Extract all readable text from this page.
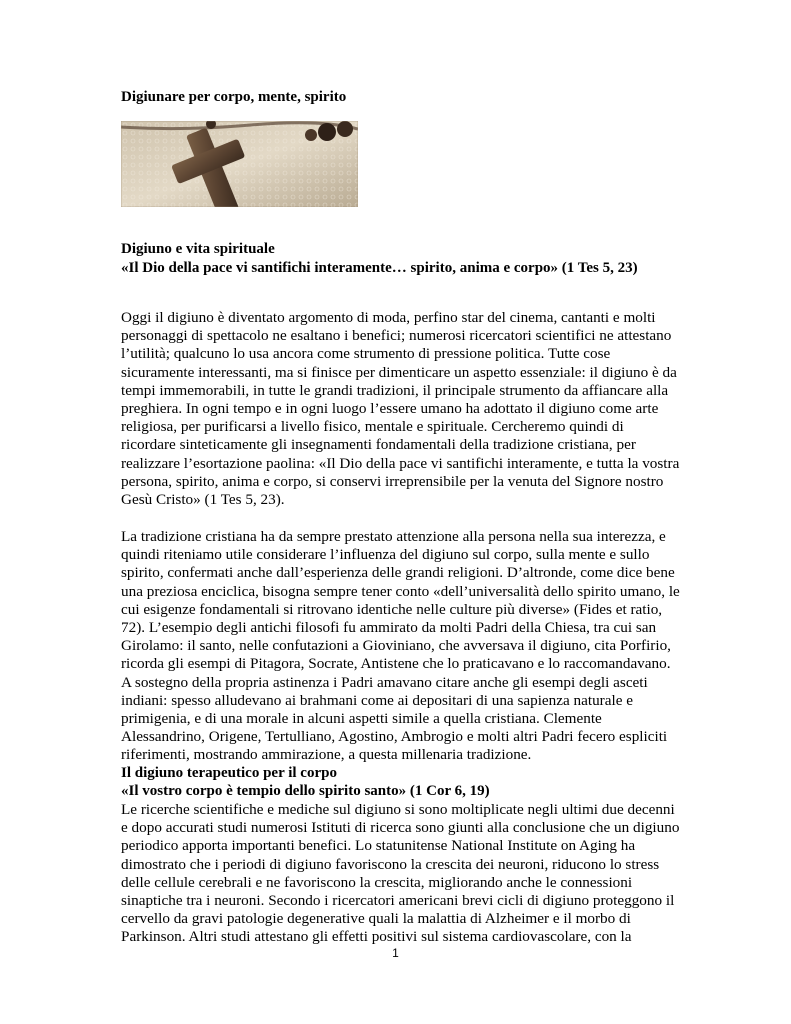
Digiunare per corpo, mente, spirito
Digiuno e vita spirituale
«Il Dio della pace vi santifichi interamente… spirito, anima e corpo» (1 Tes 5, 23)
Oggi il digiuno è diventato argomento di moda, perfino star del cinema, cantanti e molti personaggi di spettacolo ne esaltano i benefici; numerosi ricercatori scientifici ne attestano l’utilità; qualcuno lo usa ancora come strumento di pressione politica. Tutte cose sicuramente interessanti, ma si finisce per dimenticare un aspetto essenziale: il digiuno è da tempi immemorabili, in tutte le grandi tradizioni, il principale strumento da affiancare alla preghiera. In ogni tempo e in ogni luogo l’essere umano ha adottato il digiuno come arte religiosa, per purificarsi a livello fisico, mentale e spirituale. Cercheremo quindi di ricordare sinteticamente gli insegnamenti fondamentali della tradizione cristiana, per realizzare l’esortazione paolina: «Il Dio della pace vi santifichi interamente, e tutta la vostra persona, spirito, anima e corpo, si conservi irreprensibile per la venuta del Signore nostro Gesù Cristo» (1 Tes 5, 23).
La tradizione cristiana ha da sempre prestato attenzione alla persona nella sua interezza, e quindi riteniamo utile considerare l’influenza del digiuno sul corpo, sulla mente e sullo spirito, confermati anche dall’esperienza delle grandi religioni. D’altronde, come dice bene una preziosa enciclica, bisogna sempre tener conto «dell’universalità dello spirito umano, le cui esigenze fondamentali si ritrovano identiche nelle culture più diverse» (Fides et ratio, 72). L’esempio degli antichi filosofi fu ammirato da molti Padri della Chiesa, tra cui san Girolamo: il santo, nelle confutazioni a Gioviniano, che avversava il digiuno, cita Porfirio, ricorda gli esempi di Pitagora, Socrate, Antistene che lo praticavano e lo raccomandavano. A sostegno della propria astinenza i Padri amavano citare anche gli esempi degli asceti indiani: spesso alludevano ai brahmani come ai depositari di una sapienza naturale e primigenia, e di una morale in alcuni aspetti simile a quella cristiana. Clemente Alessandrino, Origene, Tertulliano, Agostino, Ambrogio e molti altri Padri fecero espliciti riferimenti, mostrando ammirazione, a questa millenaria tradizione.
Il digiuno terapeutico per il corpo
«Il vostro corpo è tempio dello spirito santo» (1 Cor 6, 19)
Le ricerche scientifiche e mediche sul digiuno si sono moltiplicate negli ultimi due decenni e dopo accurati studi numerosi Istituti di ricerca sono giunti alla conclusione che un digiuno periodico apporta importanti benefici. Lo statunitense National Institute on Aging ha dimostrato che i periodi di digiuno favoriscono la crescita dei neuroni, riducono lo stress delle cellule cerebrali e ne favoriscono la crescita, migliorando anche le connessioni sinaptiche tra i neuroni. Secondo i ricercatori americani brevi cicli di digiuno proteggono il cervello da gravi patologie degenerative quali la malattia di Alzheimer e il morbo di Parkinson. Altri studi attestano gli effetti positivi sul sistema cardiovascolare, con la
1
